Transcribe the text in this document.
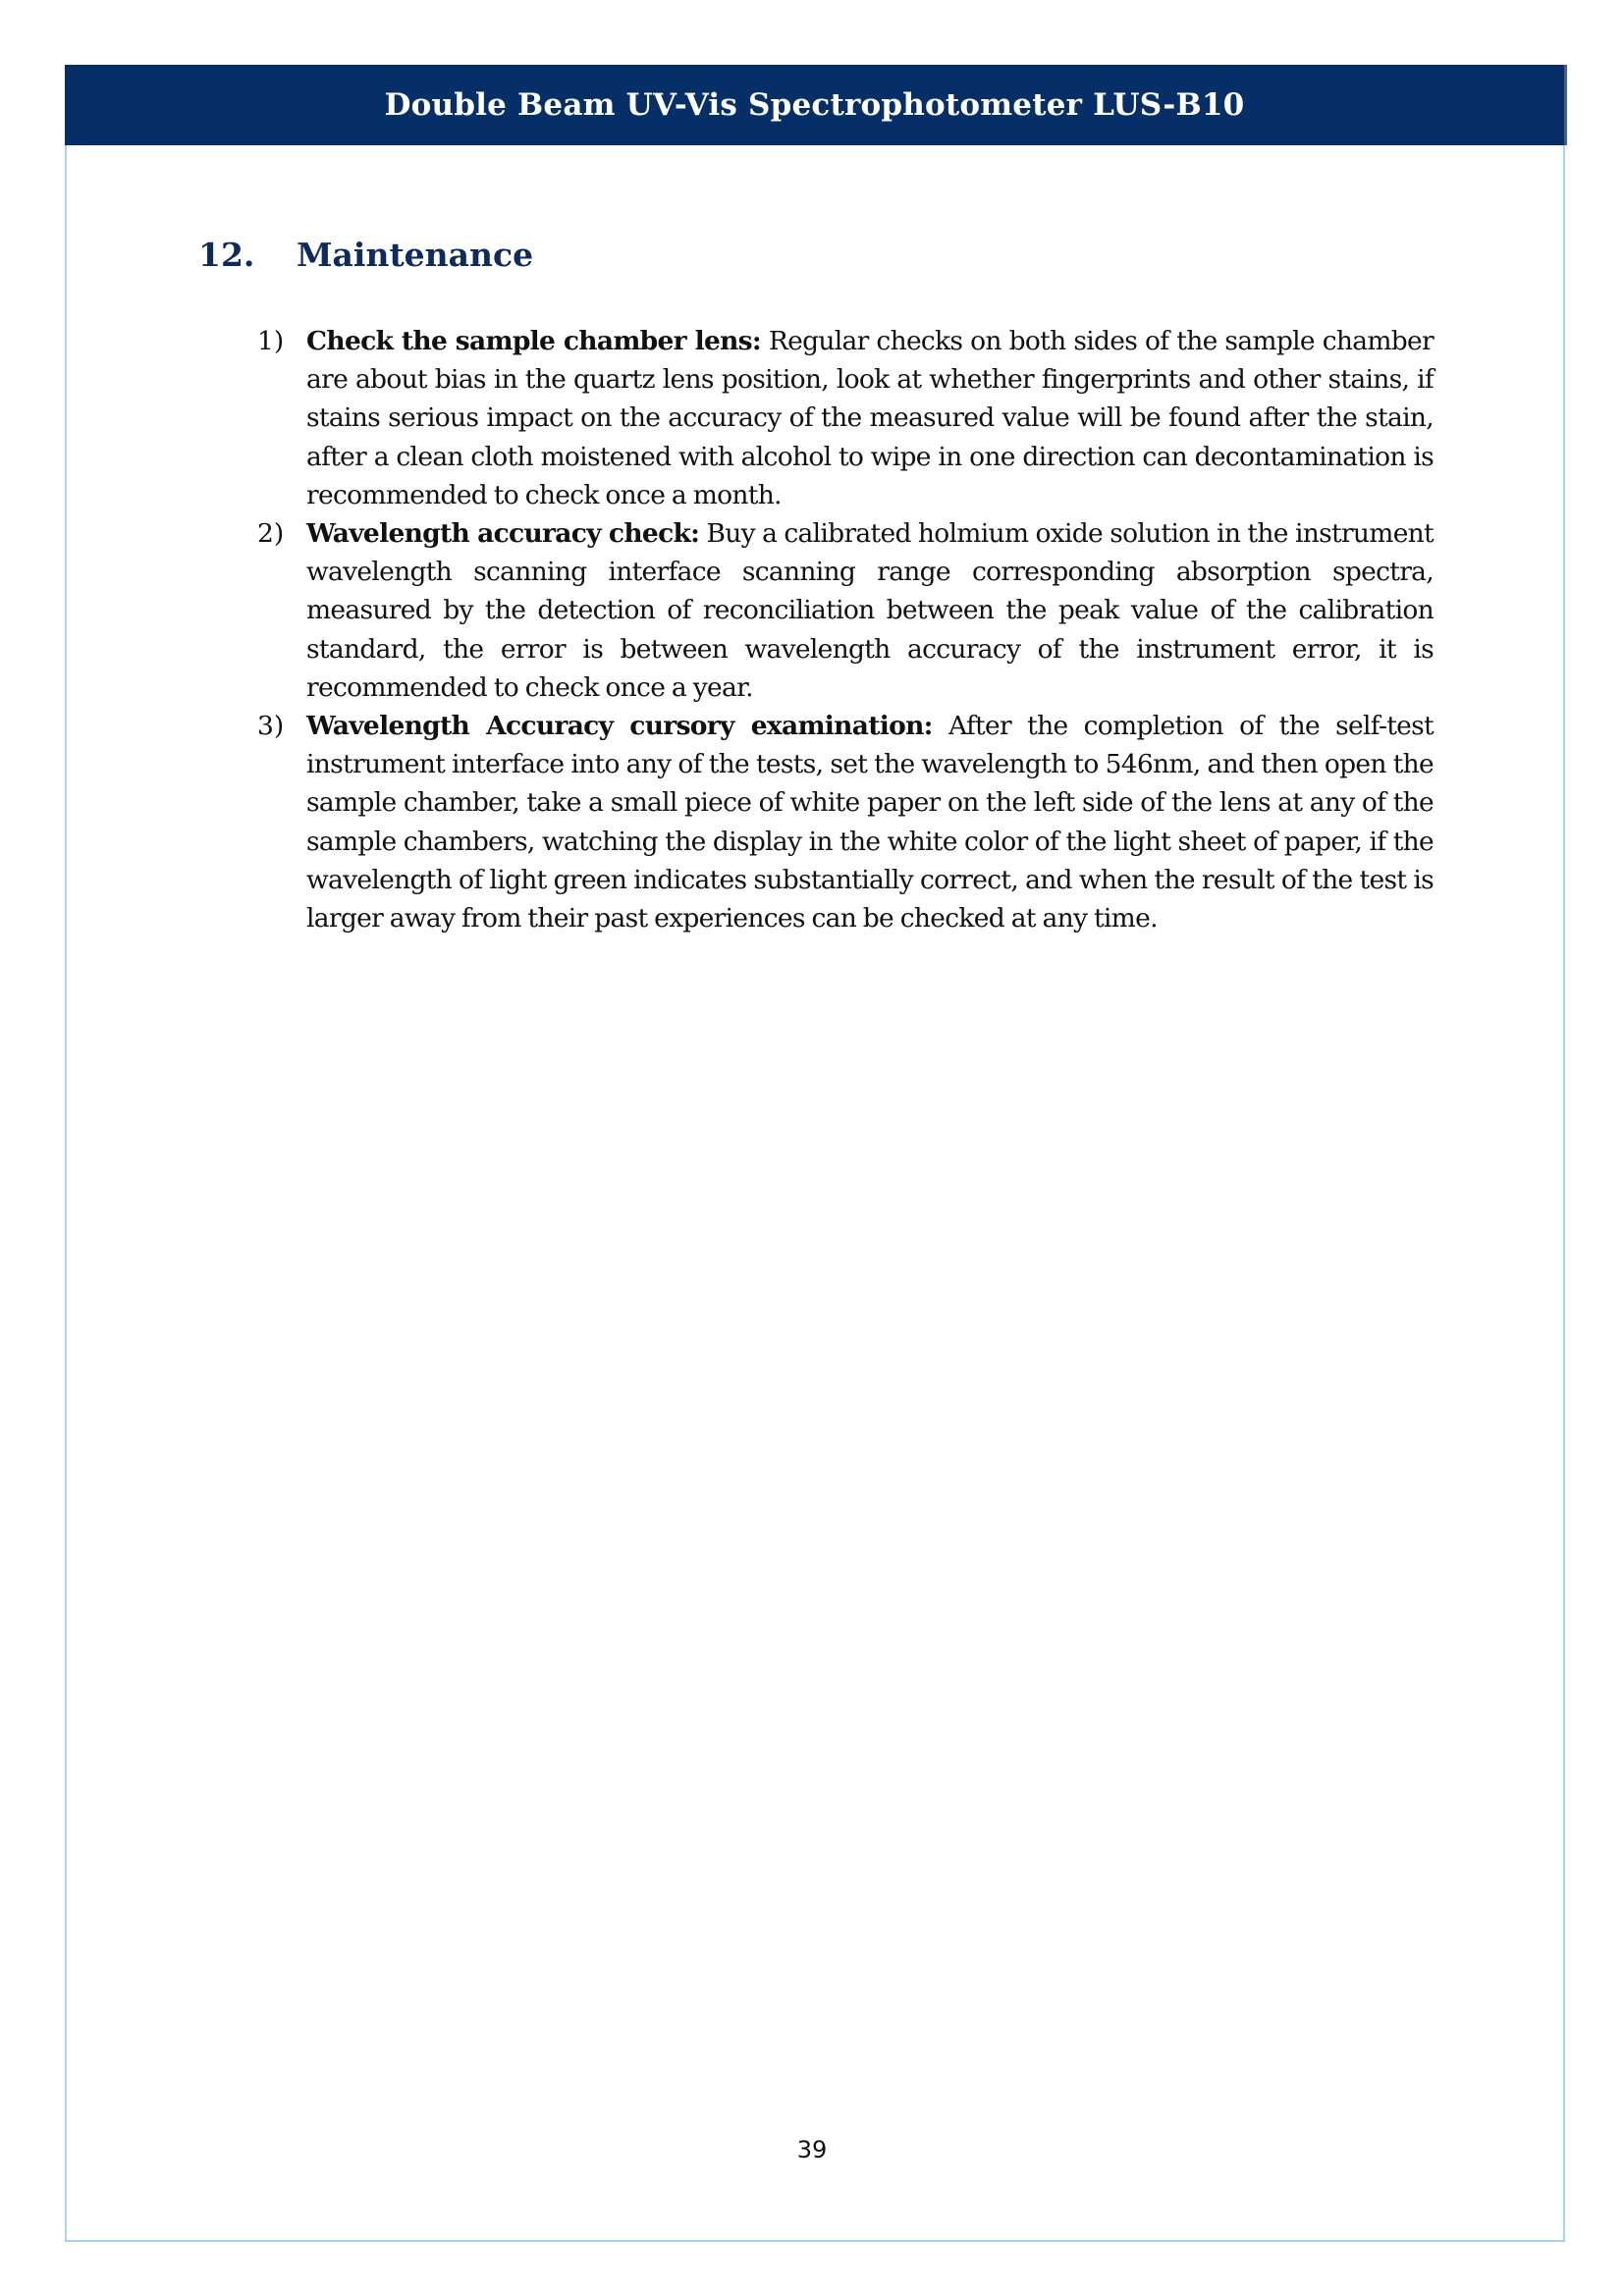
Double Beam UV-Vis Spectrophotometer LUS-B10
12.	Maintenance
1) Check the sample chamber lens: Regular checks on both sides of the sample chamber are about bias in the quartz lens position, look at whether fingerprints and other stains, if stains serious impact on the accuracy of the measured value will be found after the stain, after a clean cloth moistened with alcohol to wipe in one direction can decontamination is recommended to check once a month.
2) Wavelength accuracy check: Buy a calibrated holmium oxide solution in the instrument wavelength scanning interface scanning range corresponding absorption spectra, measured by the detection of reconciliation between the peak value of the calibration standard, the error is between wavelength accuracy of the instrument error, it is recommended to check once a year.
3) Wavelength Accuracy cursory examination: After the completion of the self-test instrument interface into any of the tests, set the wavelength to 546nm, and then open the sample chamber, take a small piece of white paper on the left side of the lens at any of the sample chambers, watching the display in the white color of the light sheet of paper, if the wavelength of light green indicates substantially correct, and when the result of the test is larger away from their past experiences can be checked at any time.
39
